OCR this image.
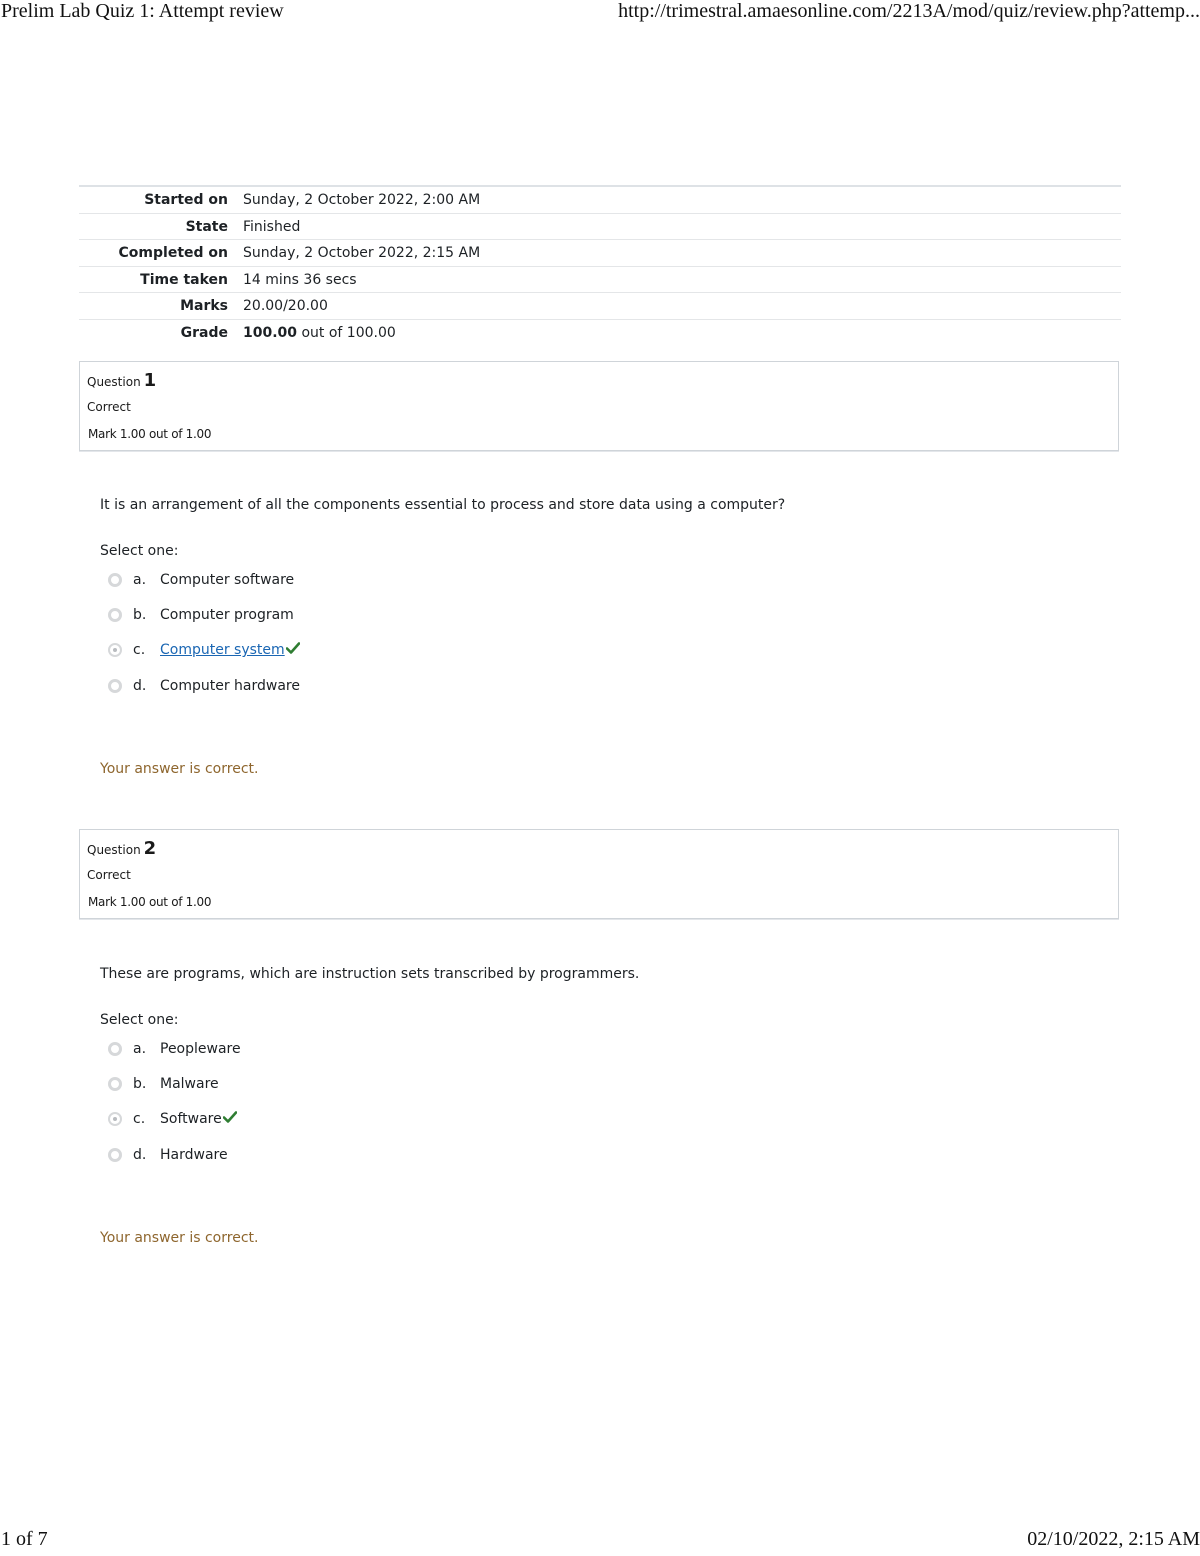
Prelim Lab Quiz 1: Attempt review	http://trimestral.amaesonline.com/2213A/mod/quiz/review.php?attemp...
Started on Sunday, 2 October 2022, 2:00 AM
State Finished
Completed on Sunday, 2 October 2022, 2:15 AM
Time taken 14 mins 36 secs
Marks 20.00/20.00
Grade 100.00 out of 100.00
Question 1
Correct
Mark 1.00 out of 1.00
It is an arrangement of all the components essential to process and store data using a computer?
Select one:
a. Computer software
b. Computer program
c. Computer system
d. Computer hardware
Your answer is correct.
Question 2
Correct
Mark 1.00 out of 1.00
These are programs, which are instruction sets transcribed by programmers.
Select one:
a. Peopleware
b. Malware
c. Software
d. Hardware
Your answer is correct.
1 of 7	02/10/2022, 2:15 AM
